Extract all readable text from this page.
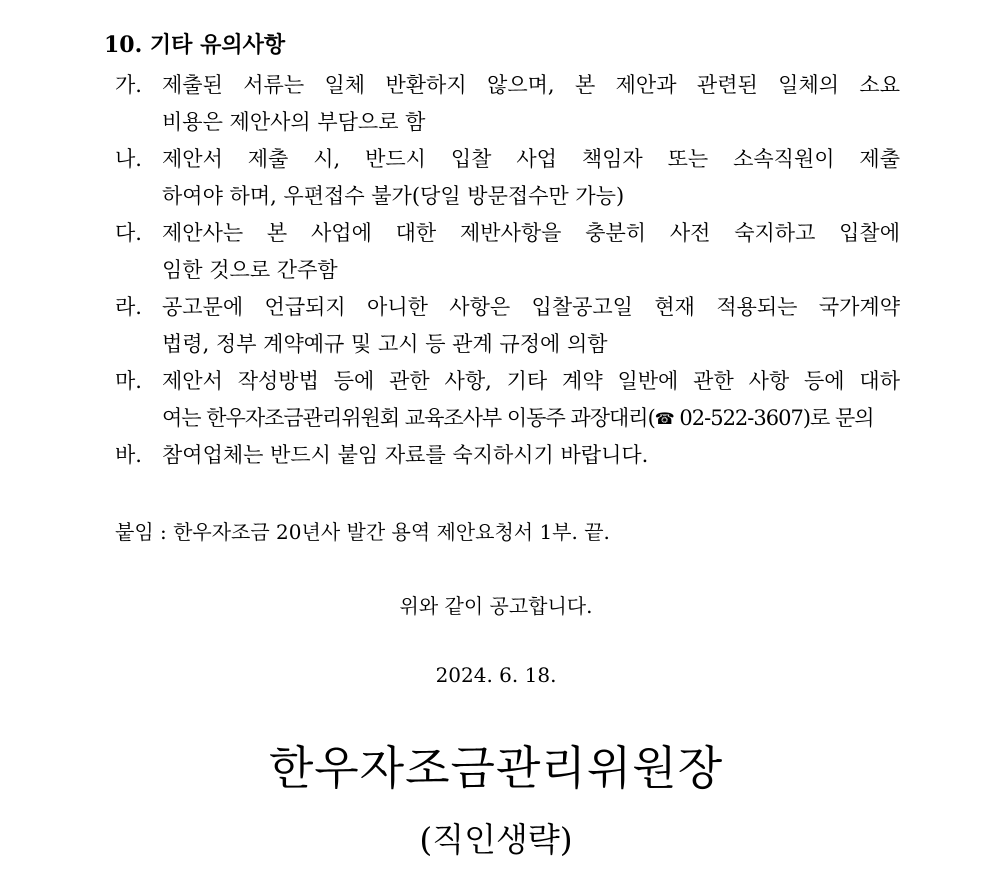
10. 기타 유의사항
가. 제출된 서류는 일체 반환하지 않으며, 본 제안과 관련된 일체의 소요
비용은 제안사의 부담으로 함
나. 제안서 제출 시, 반드시 입찰 사업 책임자 또는 소속직원이 제출
하여야 하며, 우편접수 불가(당일 방문접수만 가능)
다. 제안사는 본 사업에 대한 제반사항을 충분히 사전 숙지하고 입찰에
임한 것으로 간주함
라. 공고문에 언급되지 아니한 사항은 입찰공고일 현재 적용되는 국가계약
법령, 정부 계약예규 및 고시 등 관계 규정에 의함
마. 제안서 작성방법 등에 관한 사항, 기타 계약 일반에 관한 사항 등에 대하
여는 한우자조금관리위원회 교육조사부 이동주 과장대리(☎ 02-522-3607)로 문의
바. 참여업체는 반드시 붙임 자료를 숙지하시기 바랍니다.
붙임 : 한우자조금 20년사 발간 용역 제안요청서 1부. 끝.
위와 같이 공고합니다.
2024. 6. 18.
한우자조금관리위원장
(직인생략)
